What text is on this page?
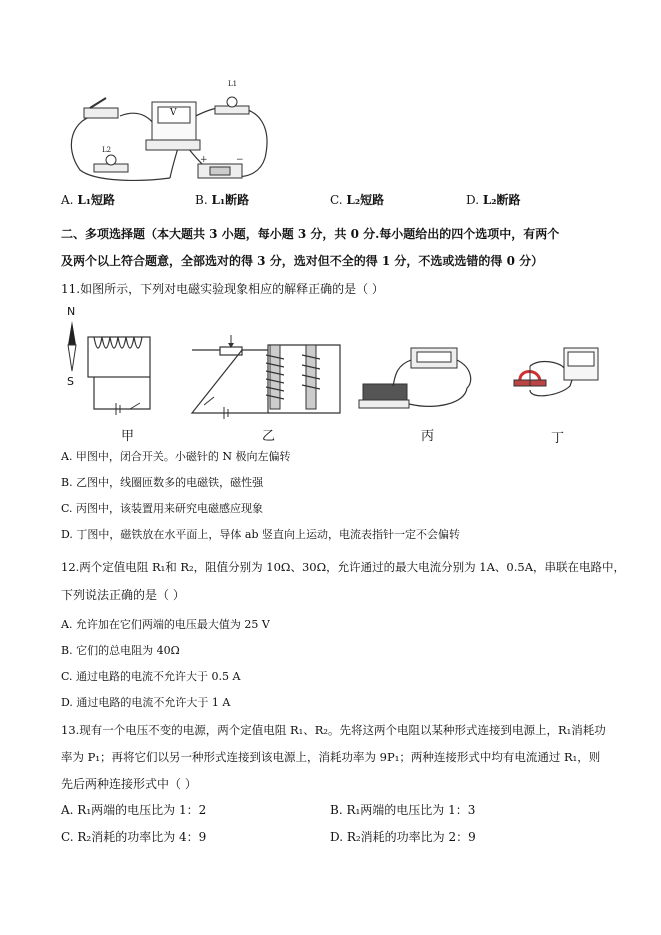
+	−
V
L1
L2
A. L₁短路	B. L₁断路	C. L₂短路	D. L₂断路
二、多项选择题（本大题共 3 小题，每小题 3 分，共 0 分.每小题给出的四个选项中，有两个
及两个以上符合题意，全部选对的得 3 分，选对但不全的得 1 分，不选或选错的得 0 分）
11.如图所示，下列对电磁实验现象相应的解释正确的是（ ）
N
S
甲	乙	丙	丁
A. 甲图中，闭合开关。小磁针的 N 极向左偏转
B. 乙图中，线圈匝数多的电磁铁，磁性强
C. 丙图中，该装置用来研究电磁感应现象
D. 丁图中，磁铁放在水平面上，导体 ab 竖直向上运动，电流表指针一定不会偏转
12.两个定值电阻 R₁和 R₂，阻值分别为 10Ω、30Ω，允许通过的最大电流分别为 1A、0.5A，串联在电路中，
下列说法正确的是（ ）
A. 允许加在它们两端的电压最大值为 25 V
B. 它们的总电阻为 40Ω
C. 通过电路的电流不允许大于 0.5 A
D. 通过电路的电流不允许大于 1 A
13.现有一个电压不变的电源，两个定值电阻 R₁、R₂。先将这两个电阻以某种形式连接到电源上，R₁消耗功
率为 P₁；再将它们以另一种形式连接到该电源上，消耗功率为 9P₁；两种连接形式中均有电流通过 R₁，则
先后两种连接形式中（ ）
A. R₁两端的电压比为 1：2	B. R₁两端的电压比为 1：3
C. R₂消耗的功率比为 4：9	D. R₂消耗的功率比为 2：9
